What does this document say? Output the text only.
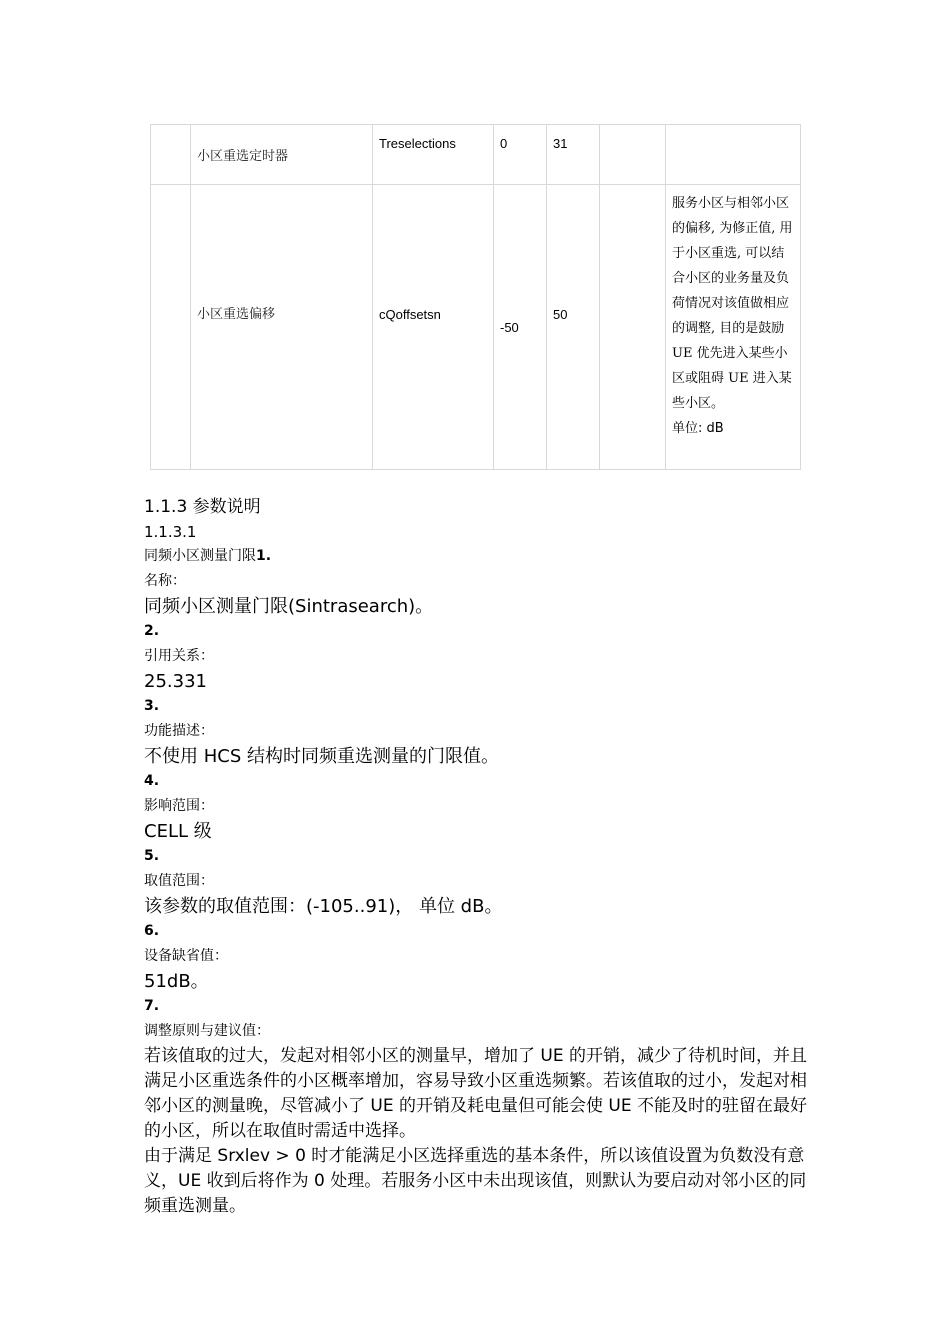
	小区重选定时器	Treselections	0	31		

	小区重选偏移	cQoffsetsn	-50	50		服务小区与相邻小区的偏移, 为修正值, 用于小区重选, 可以结合小区的业务量及负荷情况对该值做相应的调整, 目的是鼓励 UE 优先进入某些小区或阻碍 UE 进入某些小区。
单位: dB

1.1.3 参数说明

1.1.3.1

同频小区测量门限1.

名称：

同频小区测量门限(Sintrasearch)。

2.

引用关系：

25.331

3.

功能描述：

不使用 HCS 结构时同频重选测量的门限值。

4.

影响范围：

CELL 级

5.

取值范围：

该参数的取值范围：(-105..91)， 单位 dB。

6.

设备缺省值：

51dB。

7.

调整原则与建议值：

若该值取的过大，发起对相邻小区的测量早，增加了 UE 的开销，减少了待机时间，并且满足小区重选条件的小区概率增加，容易导致小区重选频繁。若该值取的过小，发起对相邻小区的测量晚，尽管减小了 UE 的开销及耗电量但可能会使 UE 不能及时的驻留在最好的小区，所以在取值时需适中选择。

由于满足 Srxlev > 0 时才能满足小区选择重选的基本条件，所以该值设置为负数没有意义，UE 收到后将作为 0 处理。若服务小区中未出现该值，则默认为要启动对邻小区的同频重选测量。
